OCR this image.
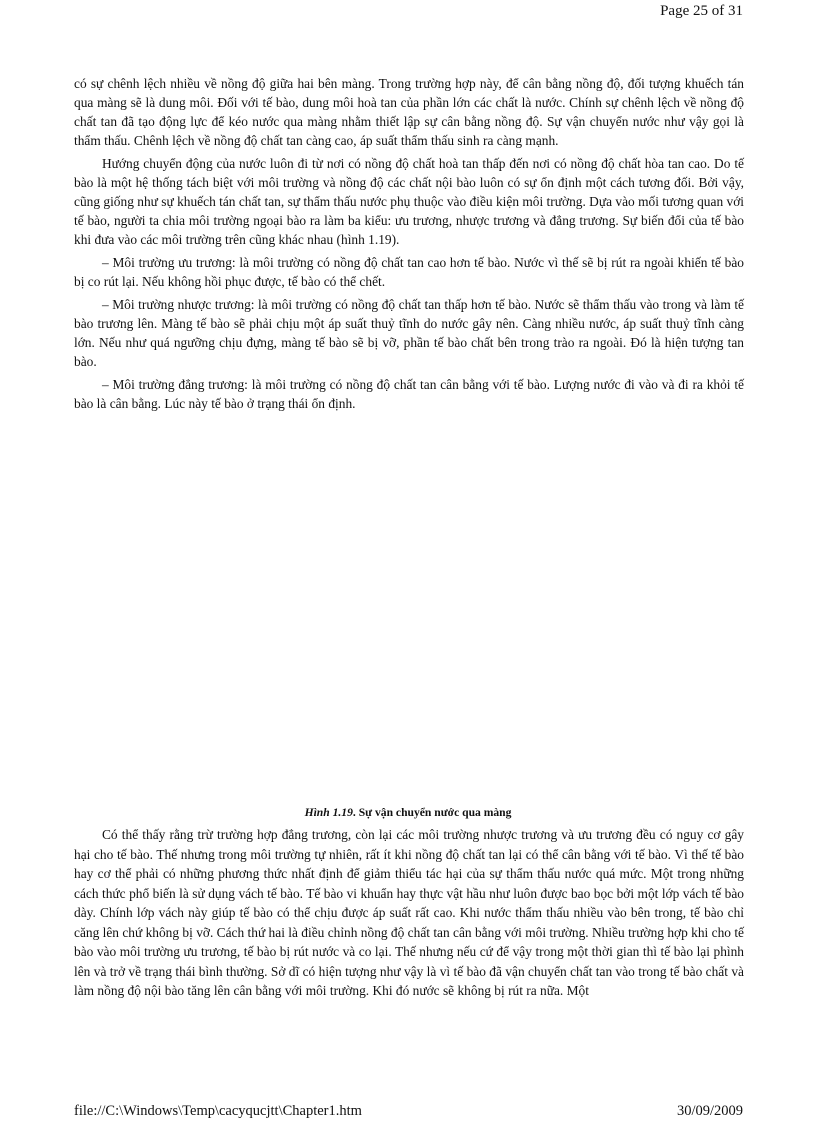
Page 25 of 31

có sự chênh lệch nhiều về nồng độ giữa hai bên màng. Trong trường hợp này, để cân bằng nồng độ, đối tượng khuếch tán qua màng sẽ là dung môi. Đối với tế bào, dung môi hoà tan của phần lớn các chất là nước. Chính sự chênh lệch về nồng độ chất tan đã tạo động lực để kéo nước qua màng nhằm thiết lập sự cân bằng nồng độ. Sự vận chuyển nước như vậy gọi là thẩm thấu. Chênh lệch về nồng độ chất tan càng cao, áp suất thẩm thấu sinh ra càng mạnh.

Hướng chuyển động của nước luôn đi từ nơi có nồng độ chất hoà tan thấp đến nơi có nồng độ chất hòa tan cao. Do tế bào là một hệ thống tách biệt với môi trường và nồng độ các chất nội bào luôn có sự ổn định một cách tương đối. Bởi vậy, cũng giống như sự khuếch tán chất tan, sự thẩm thấu nước phụ thuộc vào điều kiện môi trường. Dựa vào mối tương quan với tế bào, người ta chia môi trường ngoại bào ra làm ba kiểu: ưu trương, nhược trương và đẳng trương. Sự biến đổi của tế bào khi đưa vào các môi trường trên cũng khác nhau (hình 1.19).

– Môi trường ưu trương: là môi trường có nồng độ chất tan cao hơn tế bào. Nước vì thế sẽ bị rút ra ngoài khiến tế bào bị co rút lại. Nếu không hồi phục được, tế bào có thể chết.

– Môi trường nhược trương: là môi trường có nồng độ chất tan thấp hơn tế bào. Nước sẽ thẩm thấu vào trong và làm tế bào trương lên. Màng tế bào sẽ phải chịu một áp suất thuỷ tĩnh do nước gây nên. Càng nhiều nước, áp suất thuỷ tĩnh càng lớn. Nếu như quá ngưỡng chịu đựng, màng tế bào sẽ bị vỡ, phần tế bào chất bên trong trào ra ngoài. Đó là hiện tượng tan bào.

– Môi trường đẳng trương: là môi trường có nồng độ chất tan cân bằng với tế bào. Lượng nước đi vào và đi ra khỏi tế bào là cân bằng. Lúc này tế bào ở trạng thái ổn định.

Hình 1.19. Sự vận chuyển nước qua màng

Có thể thấy rằng trừ trường hợp đẳng trương, còn lại các môi trường nhược trương và ưu trương đều có nguy cơ gây hại cho tế bào. Thế nhưng trong môi trường tự nhiên, rất ít khi nồng độ chất tan lại có thể cân bằng với tế bào. Vì thế tế bào hay cơ thể phải có những phương thức nhất định để giảm thiểu tác hại của sự thẩm thấu nước quá mức. Một trong những cách thức phổ biến là sử dụng vách tế bào. Tế bào vi khuẩn hay thực vật hầu như luôn được bao bọc bởi một lớp vách tế bào dày. Chính lớp vách này giúp tế bào có thể chịu được áp suất rất cao. Khi nước thẩm thấu nhiều vào bên trong, tế bào chỉ căng lên chứ không bị vỡ. Cách thứ hai là điều chỉnh nồng độ chất tan cân bằng với môi trường. Nhiều trường hợp khi cho tế bào vào môi trường ưu trương, tế bào bị rút nước và co lại. Thế nhưng nếu cứ để vậy trong một thời gian thì tế bào lại phình lên và trở về trạng thái bình thường. Sở dĩ có hiện tượng như vậy là vì tế bào đã vận chuyển chất tan vào trong tế bào chất và làm nồng độ nội bào tăng lên cân bằng với môi trường. Khi đó nước sẽ không bị rút ra nữa. Một

file://C:\Windows\Temp\cacyqucjtt\Chapter1.htm	30/09/2009
